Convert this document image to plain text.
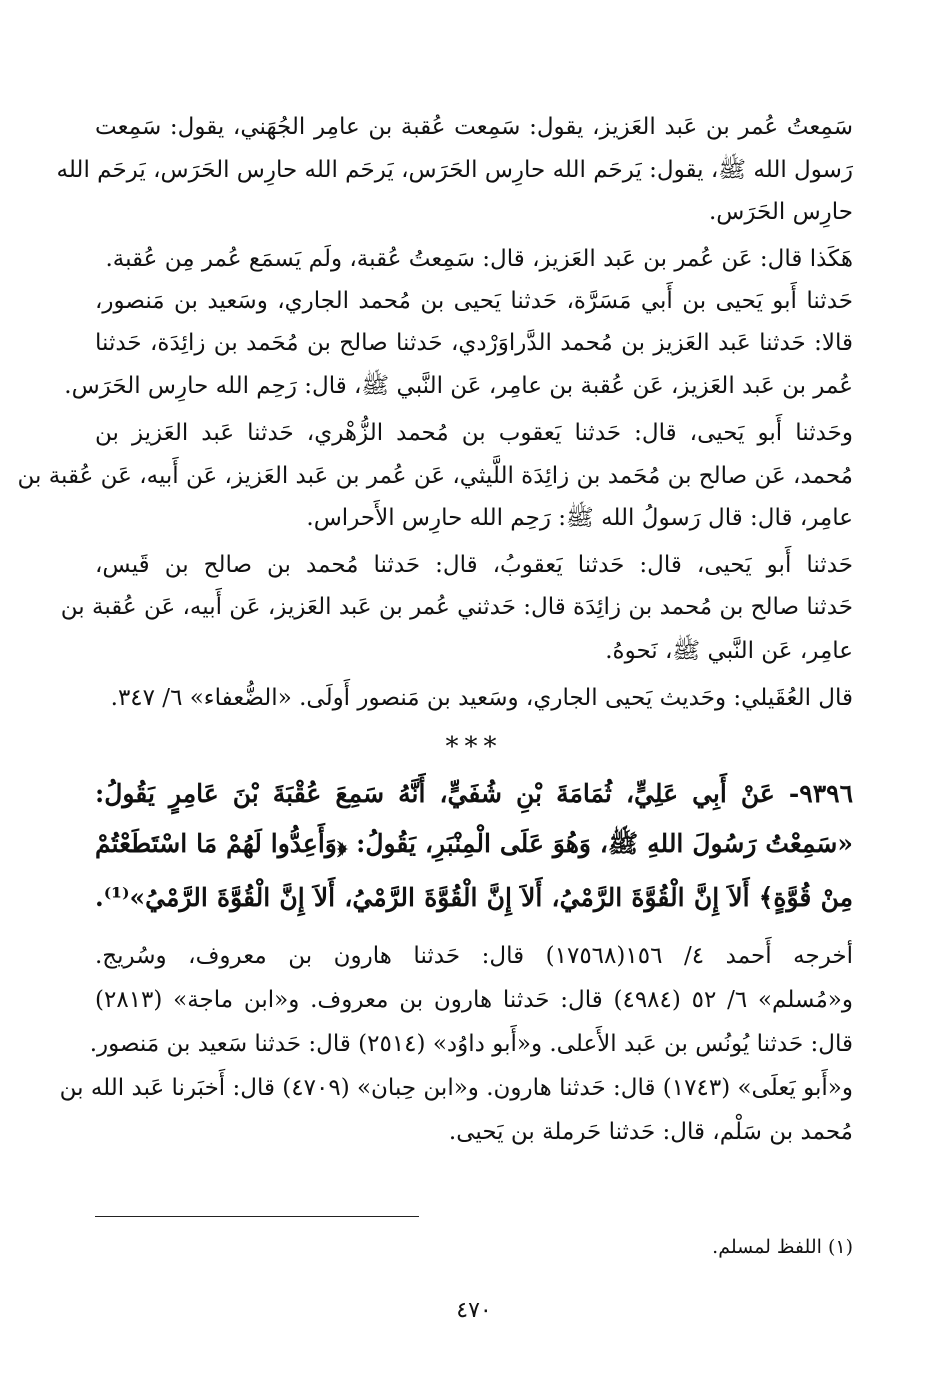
سَمِعتُ عُمر بن عَبد العَزيز، يقول: سَمِعت عُقبة بن عامِر الجُهَني، يقول: سَمِعت
رَسول الله ﷺ، يقول: يَرحَم الله حارِس الحَرَس، يَرحَم الله حارِس الحَرَس، يَرحَم الله
حارِس الحَرَس.
هَكَذا قال: عَن عُمر بن عَبد العَزيز، قال: سَمِعتُ عُقبة، ولَم يَسمَع عُمر مِن عُقبة.
حَدثنا أَبو يَحيى بن أَبي مَسَرَّة، حَدثنا يَحيى بن مُحمد الجاري، وسَعيد بن مَنصور،
قالا: حَدثنا عَبد العَزيز بن مُحمد الدَّراوَرْدي، حَدثنا صالح بن مُحَمد بن زائِدَة، حَدثنا
عُمر بن عَبد العَزيز، عَن عُقبة بن عامِر، عَن النَّبي ﷺ، قال: رَحِم الله حارِس الحَرَس.
وحَدثنا أَبو يَحيى، قال: حَدثنا يَعقوب بن مُحمد الزُّهْري، حَدثنا عَبد العَزيز بن
مُحمد، عَن صالح بن مُحَمد بن زائِدَة اللَّيثي، عَن عُمر بن عَبد العَزيز، عَن أَبيه، عَن عُقبة بن
عامِر، قال: قال رَسولُ الله ﷺ: رَحِم الله حارِس الأَحراس.
حَدثنا أَبو يَحيى، قال: حَدثنا يَعقوبُ، قال: حَدثنا مُحمد بن صالح بن قَيس،
حَدثنا صالح بن مُحمد بن زائِدَة قال: حَدثني عُمر بن عَبد العَزيز، عَن أَبيه، عَن عُقبة بن
عامِر، عَن النَّبي ﷺ، نَحوهُ.
قال العُقَيلي: وحَديث يَحيى الجاري، وسَعيد بن مَنصور أَولَى. «الضُّعفاء» ٦/ ٣٤٧.
***
٩٣٩٦- عَنْ أَبِي عَلِيٍّ، ثُمَامَةَ بْنِ شُفَيٍّ، أَنَّهُ سَمِعَ عُقْبَةَ بْنَ عَامِرٍ يَقُولُ:
«سَمِعْتُ رَسُولَ اللهِ ﷺ، وَهُوَ عَلَى الْمِنْبَرِ، يَقُولُ: ﴿وَأَعِدُّوا لَهُمْ مَا اسْتَطَعْتُمْ
مِنْ قُوَّةٍ﴾ أَلاَ إِنَّ الْقُوَّةَ الرَّمْيُ، أَلاَ إِنَّ الْقُوَّةَ الرَّمْيُ، أَلاَ إِنَّ الْقُوَّةَ الرَّمْيُ»⁽¹⁾.
أخرجه أَحمد ٤/ ١٥٦(١٧٥٦٨) قال: حَدثنا هارون بن معروف، وسُريج.
و«مُسلم» ٦/ ٥٢ (٤٩٨٤) قال: حَدثنا هارون بن معروف. و«ابن ماجة» (٢٨١٣)
قال: حَدثنا يُونُس بن عَبد الأَعلى. و«أَبو داوُد» (٢٥١٤) قال: حَدثنا سَعيد بن مَنصور.
و«أَبو يَعلَى» (١٧٤٣) قال: حَدثنا هارون. و«ابن حِبان» (٤٧٠٩) قال: أَخبَرنا عَبد الله بن
مُحمد بن سَلْم، قال: حَدثنا حَرملة بن يَحيى.
(١) اللفظ لمسلم.
٤٧٠
